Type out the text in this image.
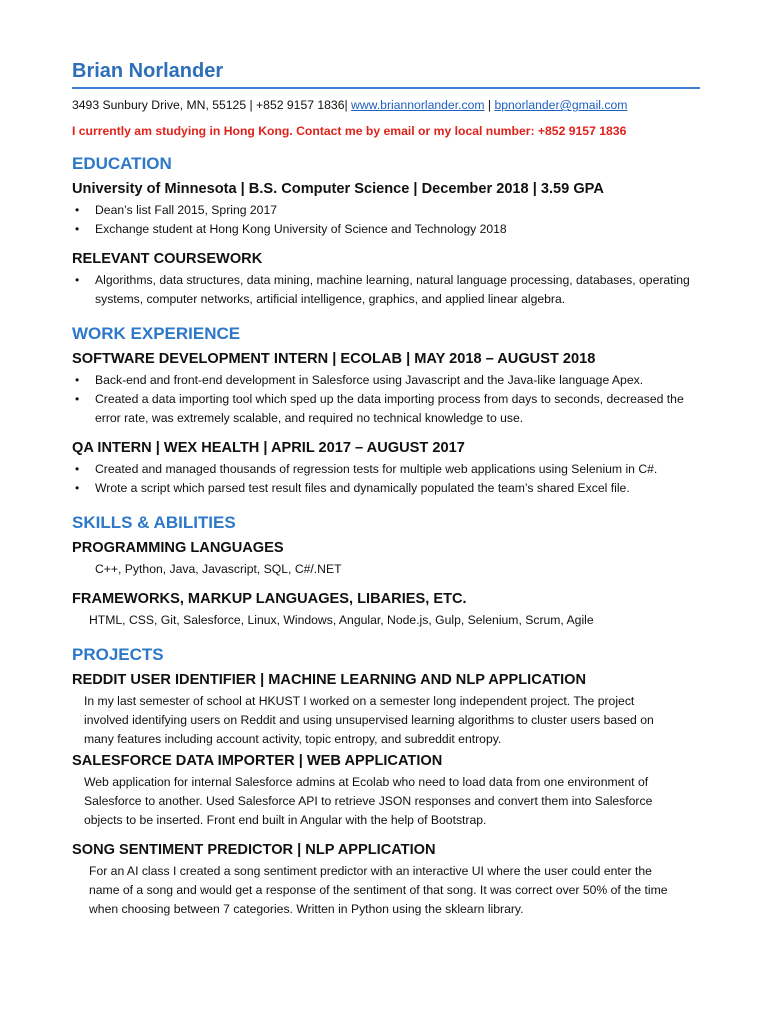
Brian Norlander
3493 Sunbury Drive, MN, 55125 | +852 9157 1836| www.briannorlander.com | bpnorlander@gmail.com
I currently am studying in Hong Kong. Contact me by email or my local number: +852 9157 1836
EDUCATION
University of Minnesota | B.S. Computer Science | December 2018 | 3.59 GPA
• Dean’s list Fall 2015, Spring 2017
• Exchange student at Hong Kong University of Science and Technology 2018
RELEVANT COURSEWORK
• Algorithms, data structures, data mining, machine learning, natural language processing, databases, operating systems, computer networks, artificial intelligence, graphics, and applied linear algebra.
WORK EXPERIENCE
SOFTWARE DEVELOPMENT INTERN | ECOLAB | MAY 2018 – AUGUST 2018
• Back-end and front-end development in Salesforce using Javascript and the Java-like language Apex.
• Created a data importing tool which sped up the data importing process from days to seconds, decreased the error rate, was extremely scalable, and required no technical knowledge to use.
QA INTERN | WEX HEALTH | APRIL 2017 – AUGUST 2017
• Created and managed thousands of regression tests for multiple web applications using Selenium in C#.
• Wrote a script which parsed test result files and dynamically populated the team’s shared Excel file.
SKILLS & ABILITIES
PROGRAMMING LANGUAGES
C++, Python, Java, Javascript, SQL, C#/.NET
FRAMEWORKS, MARKUP LANGUAGES, LIBARIES, ETC.
HTML, CSS, Git, Salesforce, Linux, Windows, Angular, Node.js, Gulp, Selenium, Scrum, Agile
PROJECTS
REDDIT USER IDENTIFIER | MACHINE LEARNING AND NLP APPLICATION
In my last semester of school at HKUST I worked on a semester long independent project. The project
involved identifying users on Reddit and using unsupervised learning algorithms to cluster users based on
many features including account activity, topic entropy, and subreddit entropy.
SALESFORCE DATA IMPORTER | WEB APPLICATION
Web application for internal Salesforce admins at Ecolab who need to load data from one environment of
Salesforce to another. Used Salesforce API to retrieve JSON responses and convert them into Salesforce
objects to be inserted. Front end built in Angular with the help of Bootstrap.
SONG SENTIMENT PREDICTOR | NLP APPLICATION
For an AI class I created a song sentiment predictor with an interactive UI where the user could enter the
name of a song and would get a response of the sentiment of that song. It was correct over 50% of the time
when choosing between 7 categories. Written in Python using the sklearn library.
